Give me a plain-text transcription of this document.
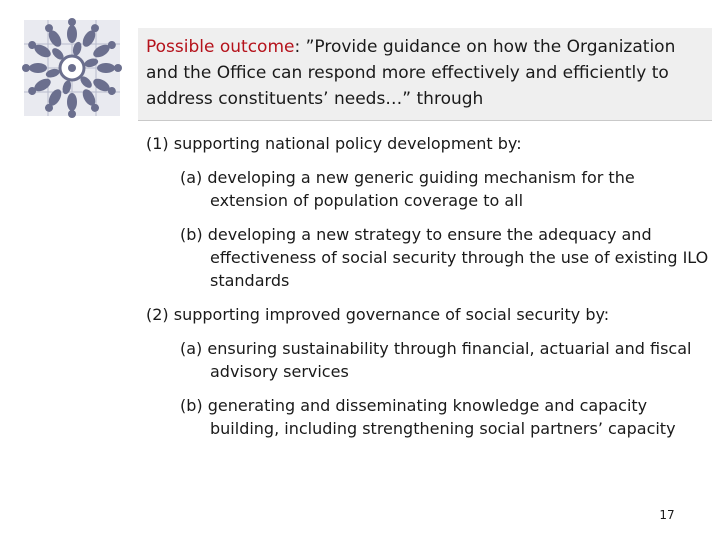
Possible outcome: ”Provide guidance on how the Organization and the Office can respond more effectively and efficiently to address constituents’ needs…” through

(1) supporting national policy development by:

(a) developing a new generic guiding mechanism for the extension of population coverage to all

(b) developing a new strategy to ensure the adequacy and effectiveness of social security through the use of existing ILO standards

(2) supporting improved governance of social security by:

(a) ensuring sustainability through financial, actuarial and fiscal advisory services

(b) generating and disseminating knowledge and capacity building, including strengthening social partners’ capacity

17
